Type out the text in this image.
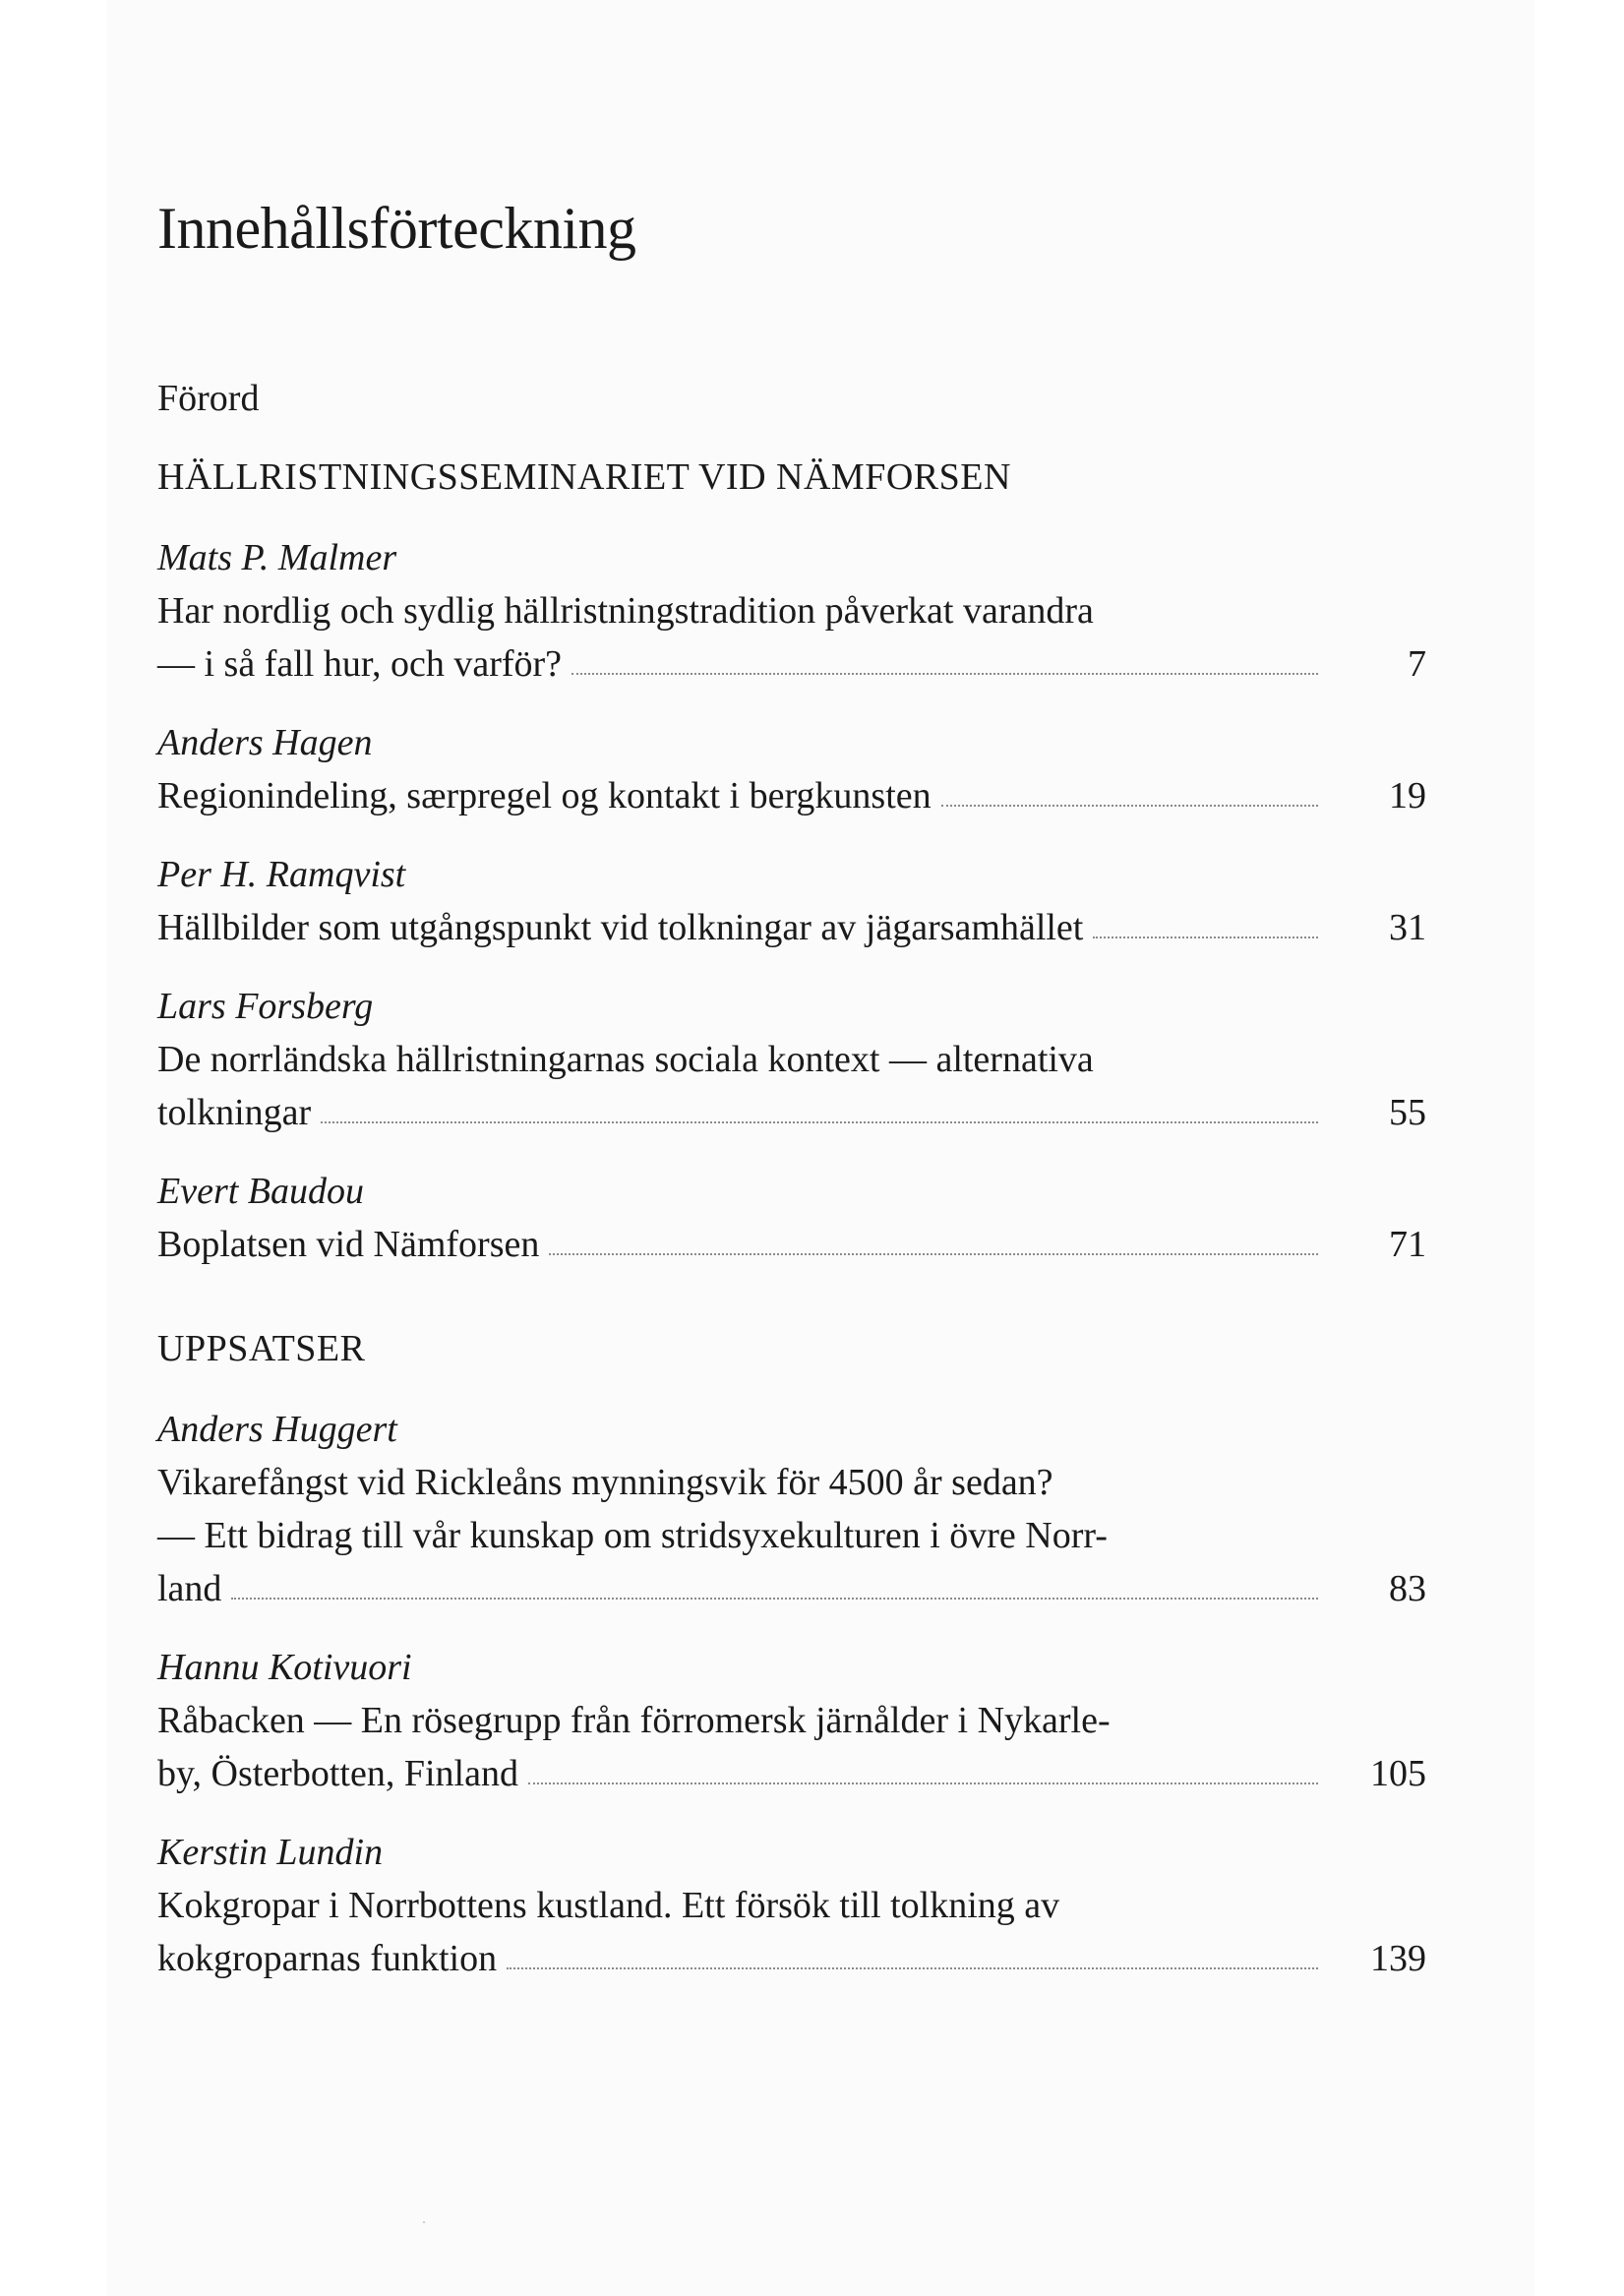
Innehållsförteckning
Förord
HÄLLRISTNINGSSEMINARIET VID NÄMFORSEN
Mats P. Malmer
Har nordlig och sydlig hällristningstradition påverkat varandra
— i så fall hur, och varför?	7
Anders Hagen
Regionindeling, særpregel og kontakt i bergkunsten	19
Per H. Ramqvist
Hällbilder som utgångspunkt vid tolkningar av jägarsamhället	31
Lars Forsberg
De norrländska hällristningarnas sociala kontext — alternativa
tolkningar	55
Evert Baudou
Boplatsen vid Nämforsen	71
UPPSATSER
Anders Huggert
Vikarefångst vid Rickleåns mynningsvik för 4500 år sedan?
— Ett bidrag till vår kunskap om stridsyxekulturen i övre Norr-
land	83
Hannu Kotivuori
Råbacken — En rösegrupp från förromersk järnålder i Nykarle-
by, Österbotten, Finland	105
Kerstin Lundin
Kokgropar i Norrbottens kustland. Ett försök till tolkning av
kokgroparnas funktion	139
